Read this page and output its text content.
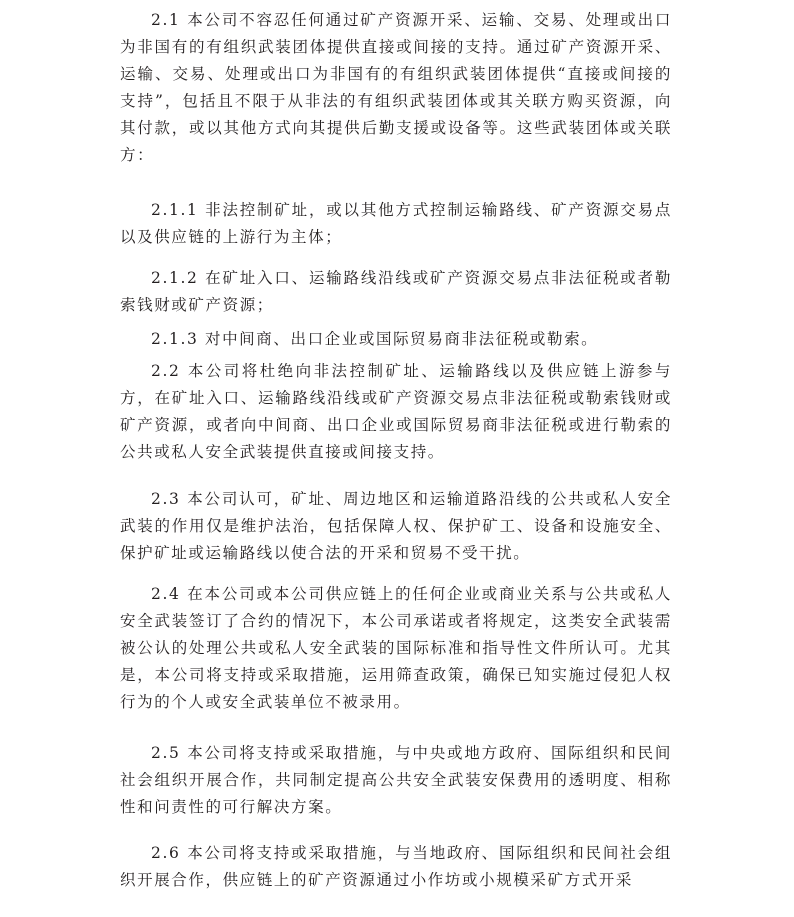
2.1 本公司不容忍任何通过矿产资源开采、运输、交易、处理或出口为非国有的有组织武装团体提供直接或间接的支持。通过矿产资源开采、运输、交易、处理或出口为非国有的有组织武装团体提供“直接或间接的支持”，包括且不限于从非法的有组织武装团体或其关联方购买资源，向其付款，或以其他方式向其提供后勤支援或设备等。这些武装团体或关联方：

2.1.1 非法控制矿址，或以其他方式控制运输路线、矿产资源交易点以及供应链的上游行为主体；

2.1.2 在矿址入口、运输路线沿线或矿产资源交易点非法征税或者勒索钱财或矿产资源；

2.1.3 对中间商、出口企业或国际贸易商非法征税或勒索。

2.2 本公司将杜绝向非法控制矿址、运输路线以及供应链上游参与方，在矿址入口、运输路线沿线或矿产资源交易点非法征税或勒索钱财或矿产资源，或者向中间商、出口企业或国际贸易商非法征税或进行勒索的公共或私人安全武装提供直接或间接支持。

2.3 本公司认可，矿址、周边地区和运输道路沿线的公共或私人安全武装的作用仅是维护法治，包括保障人权、保护矿工、设备和设施安全、保护矿址或运输路线以使合法的开采和贸易不受干扰。

2.4 在本公司或本公司供应链上的任何企业或商业关系与公共或私人安全武装签订了合约的情况下，本公司承诺或者将规定，这类安全武装需被公认的处理公共或私人安全武装的国际标准和指导性文件所认可。尤其是，本公司将支持或采取措施，运用筛查政策，确保已知实施过侵犯人权行为的个人或安全武装单位不被录用。

2.5 本公司将支持或采取措施，与中央或地方政府、国际组织和民间社会组织开展合作，共同制定提高公共安全武装安保费用的透明度、相称性和问责性的可行解决方案。

2.6 本公司将支持或采取措施，与当地政府、国际组织和民间社会组织开展合作，供应链上的矿产资源通过小作坊或小规模采矿方式开采
